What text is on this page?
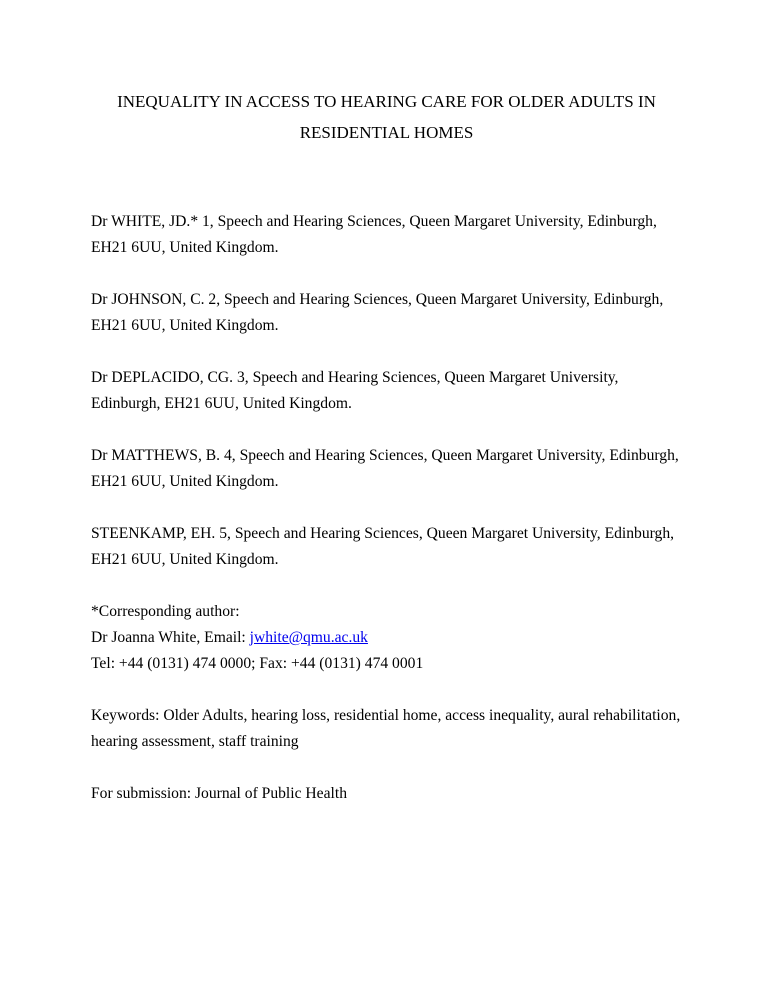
INEQUALITY IN ACCESS TO HEARING CARE FOR OLDER ADULTS IN RESIDENTIAL HOMES

Dr WHITE, JD.* 1, Speech and Hearing Sciences, Queen Margaret University, Edinburgh, EH21 6UU, United Kingdom.

Dr JOHNSON, C. 2, Speech and Hearing Sciences, Queen Margaret University, Edinburgh, EH21 6UU, United Kingdom.

Dr DEPLACIDO, CG. 3, Speech and Hearing Sciences, Queen Margaret University, Edinburgh, EH21 6UU, United Kingdom.

Dr MATTHEWS, B. 4, Speech and Hearing Sciences, Queen Margaret University, Edinburgh, EH21 6UU, United Kingdom.

STEENKAMP, EH. 5, Speech and Hearing Sciences, Queen Margaret University, Edinburgh, EH21 6UU, United Kingdom.

*Corresponding author:

Dr Joanna White, Email: jwhite@qmu.ac.uk

Tel: +44 (0131) 474 0000; Fax: +44 (0131) 474 0001

Keywords: Older Adults, hearing loss, residential home, access inequality, aural rehabilitation, hearing assessment, staff training

For submission: Journal of Public Health
